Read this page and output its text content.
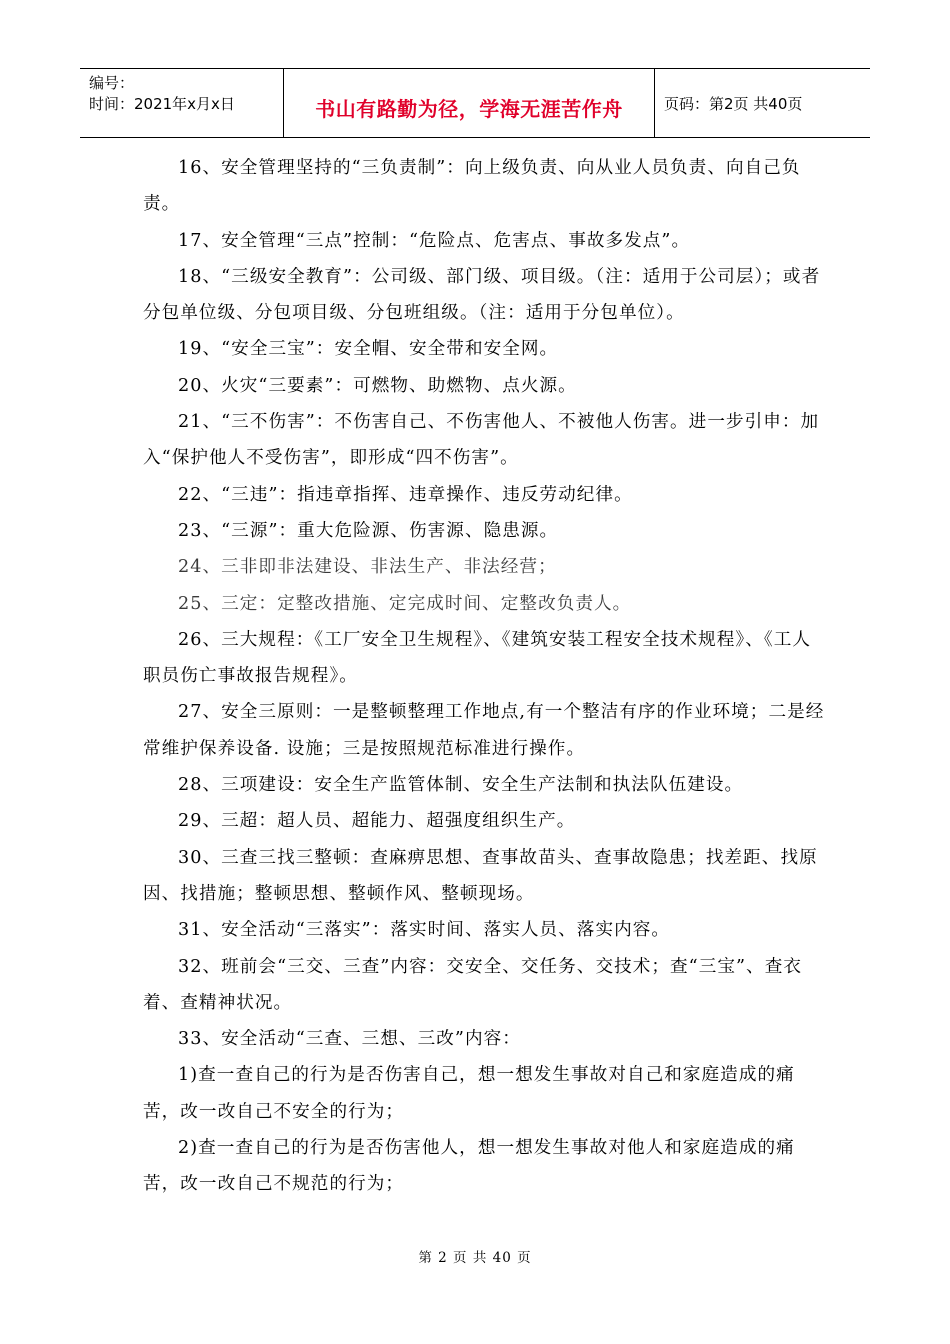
编号：
时间：2021年x月x日	书山有路勤为径，学海无涯苦作舟	页码：第2页 共40页

16、安全管理坚持的“三负责制”：向上级负责、向从业人员负责、向自己负责。

17、安全管理“三点”控制：“危险点、危害点、事故多发点”。

18、“三级安全教育”：公司级、部门级、项目级。（注：适用于公司层）；或者分包单位级、分包项目级、分包班组级。（注：适用于分包单位）。

19、“安全三宝”：安全帽、安全带和安全网。

20、火灾“三要素”：可燃物、助燃物、点火源。

21、“三不伤害”：不伤害自己、不伤害他人、不被他人伤害。进一步引申：加入“保护他人不受伤害”，即形成“四不伤害”。

22、“三违”：指违章指挥、违章操作、违反劳动纪律。

23、“三源”：重大危险源、伤害源、隐患源。

24、三非即非法建设、非法生产、非法经营；

25、三定：定整改措施、定完成时间、定整改负责人。

26、三大规程：《工厂安全卫生规程》、《建筑安装工程安全技术规程》、《工人职员伤亡事故报告规程》。

27、安全三原则：一是整顿整理工作地点,有一个整洁有序的作业环境；二是经常维护保养设备. 设施；三是按照规范标准进行操作。

28、三项建设：安全生产监管体制、安全生产法制和执法队伍建设。

29、三超：超人员、超能力、超强度组织生产。

30、三查三找三整顿：查麻痹思想、查事故苗头、查事故隐患；找差距、找原因、找措施；整顿思想、整顿作风、整顿现场。

31、安全活动“三落实”：落实时间、落实人员、落实内容。

32、班前会“三交、三查”内容：交安全、交任务、交技术；查“三宝”、查衣着、查精神状况。

33、安全活动“三查、三想、三改”内容：

1)查一查自己的行为是否伤害自己，想一想发生事故对自己和家庭造成的痛苦，改一改自己不安全的行为；

2)查一查自己的行为是否伤害他人，想一想发生事故对他人和家庭造成的痛苦，改一改自己不规范的行为；

第 2 页 共 40 页
